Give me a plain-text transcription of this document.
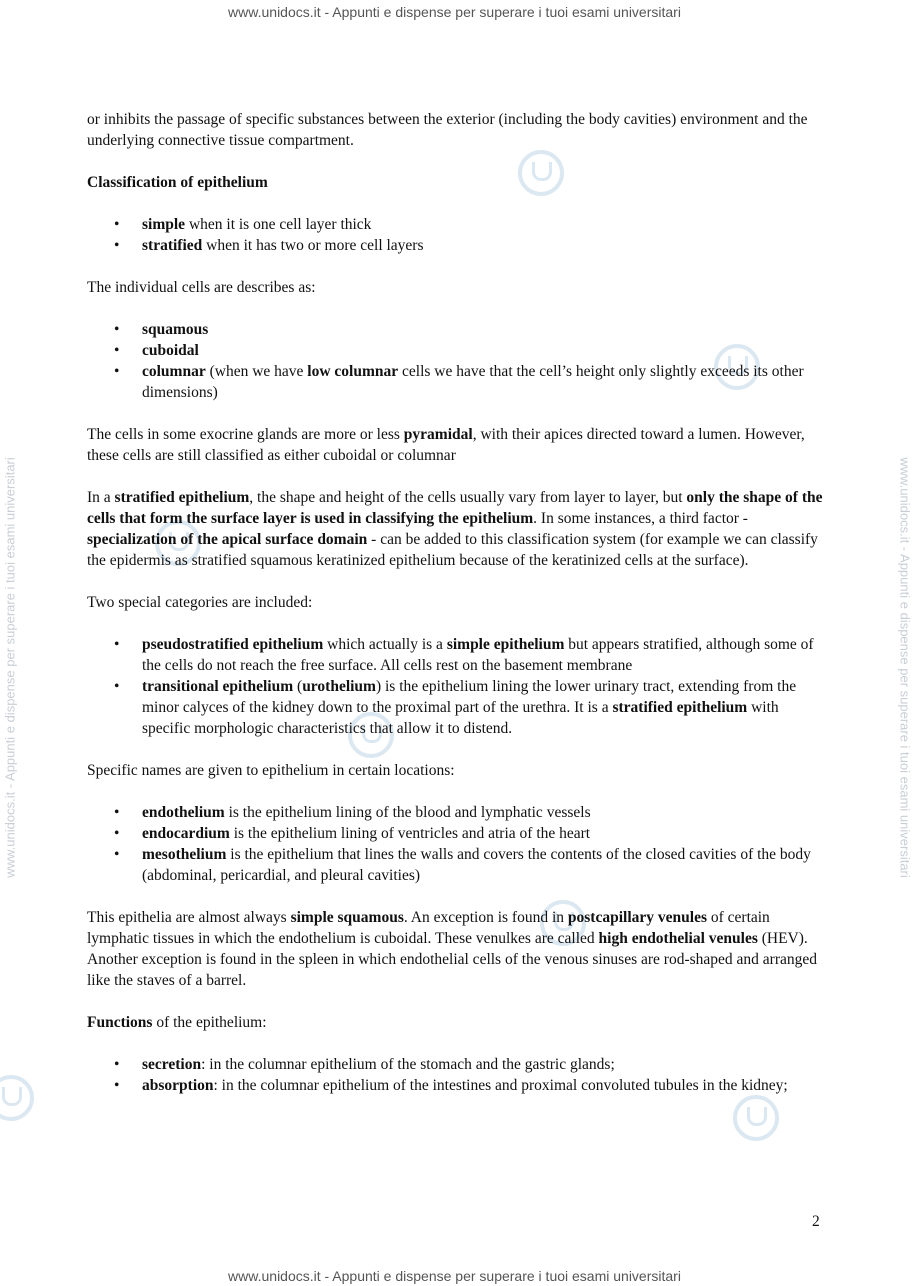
www.unidocs.it - Appunti e dispense per superare i tuoi esami universitari
www.unidocs.it - Appunti e dispense per superare i tuoi esami universitari
www.unidocs.it - Appunti e dispense per superare i tuoi esami universitari	www.unidocs.it - Appunti e dispense per superare i tuoi esami universitari

or inhibits the passage of specific substances between the exterior (including the body cavities) environment and the underlying connective tissue compartment.

Classification of epithelium

• simple when it is one cell layer thick
• stratified when it has two or more cell layers

The individual cells are describes as:

• squamous
• cuboidal
• columnar (when we have low columnar cells we have that the cell’s height only slightly exceeds its other dimensions)

The cells in some exocrine glands are more or less pyramidal, with their apices directed toward a lumen. However, these cells are still classified as either cuboidal or columnar

In a stratified epithelium, the shape and height of the cells usually vary from layer to layer, but only the shape of the cells that form the surface layer is used in classifying the epithelium. In some instances, a third factor - specialization of the apical surface domain - can be added to this classification system (for example we can classify the epidermis as stratified squamous keratinized epithelium because of the keratinized cells at the surface).

Two special categories are included:

• pseudostratified epithelium which actually is a simple epithelium but appears stratified, although some of the cells do not reach the free surface. All cells rest on the basement membrane
• transitional epithelium (urothelium) is the epithelium lining the lower urinary tract, extending from the minor calyces of the kidney down to the proximal part of the urethra. It is a stratified epithelium with specific morphologic characteristics that allow it to distend.

Specific names are given to epithelium in certain locations:

• endothelium is the epithelium lining of the blood and lymphatic vessels
• endocardium is the epithelium lining of ventricles and atria of the heart
• mesothelium is the epithelium that lines the walls and covers the contents of the closed cavities of the body (abdominal, pericardial, and pleural cavities)

This epithelia are almost always simple squamous. An exception is found in postcapillary venules of certain lymphatic tissues in which the endothelium is cuboidal. These venulkes are called high endothelial venules (HEV). Another exception is found in the spleen in which endothelial cells of the venous sinuses are rod-shaped and arranged like the staves of a barrel.

Functions of the epithelium:

• secretion: in the columnar epithelium of the stomach and the gastric glands;
• absorption: in the columnar epithelium of the intestines and proximal convoluted tubules in the kidney;
2
